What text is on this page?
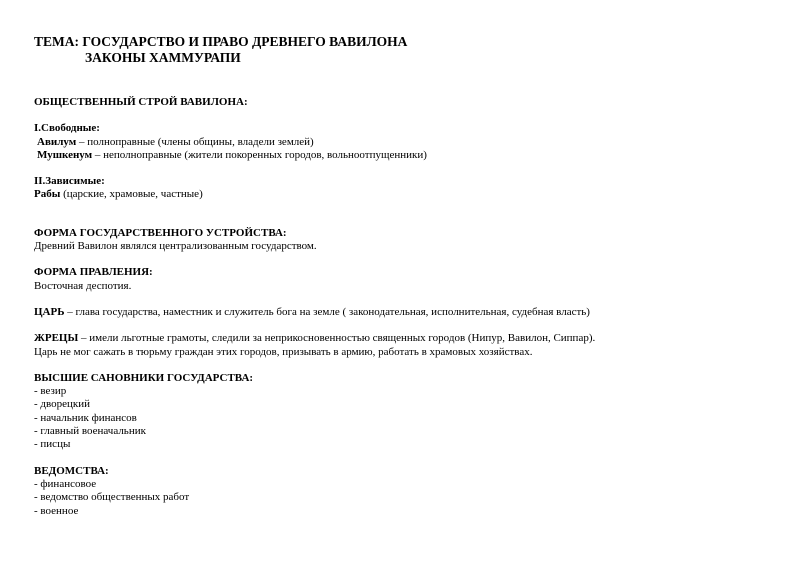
ТЕМА: ГОСУДАРСТВО И ПРАВО ДРЕВНЕГО ВАВИЛОНА
ЗАКОНЫ ХАММУРАПИ
ОБЩЕСТВЕННЫЙ СТРОЙ ВАВИЛОНА:
I.Свободные:
Авилум – полноправные (члены общины, владели землей)
Мушкенум – неполноправные (жители покоренных городов, вольноотпущенники)
II.Зависимые:
Рабы (царские, храмовые, частные)
ФОРМА ГОСУДАРСТВЕННОГО УСТРОЙСТВА:
Древний Вавилон являлся централизованным государством.
ФОРМА ПРАВЛЕНИЯ:
Восточная деспотия.
ЦАРЬ – глава государства, наместник и служитель бога на земле ( законодательная, исполнительная, судебная власть)
ЖРЕЦЫ – имели льготные грамоты, следили за неприкосновенностью священных городов (Нипур, Вавилон, Сиппар).
Царь не мог сажать в тюрьму граждан этих городов, призывать в армию, работать в храмовых хозяйствах.
ВЫСШИЕ САНОВНИКИ ГОСУДАРСТВА:
- везир
- дворецкий
- начальник финансов
- главный военачальник
- писцы
ВЕДОМСТВА:
- финансовое
- ведомство общественных работ
- военное
